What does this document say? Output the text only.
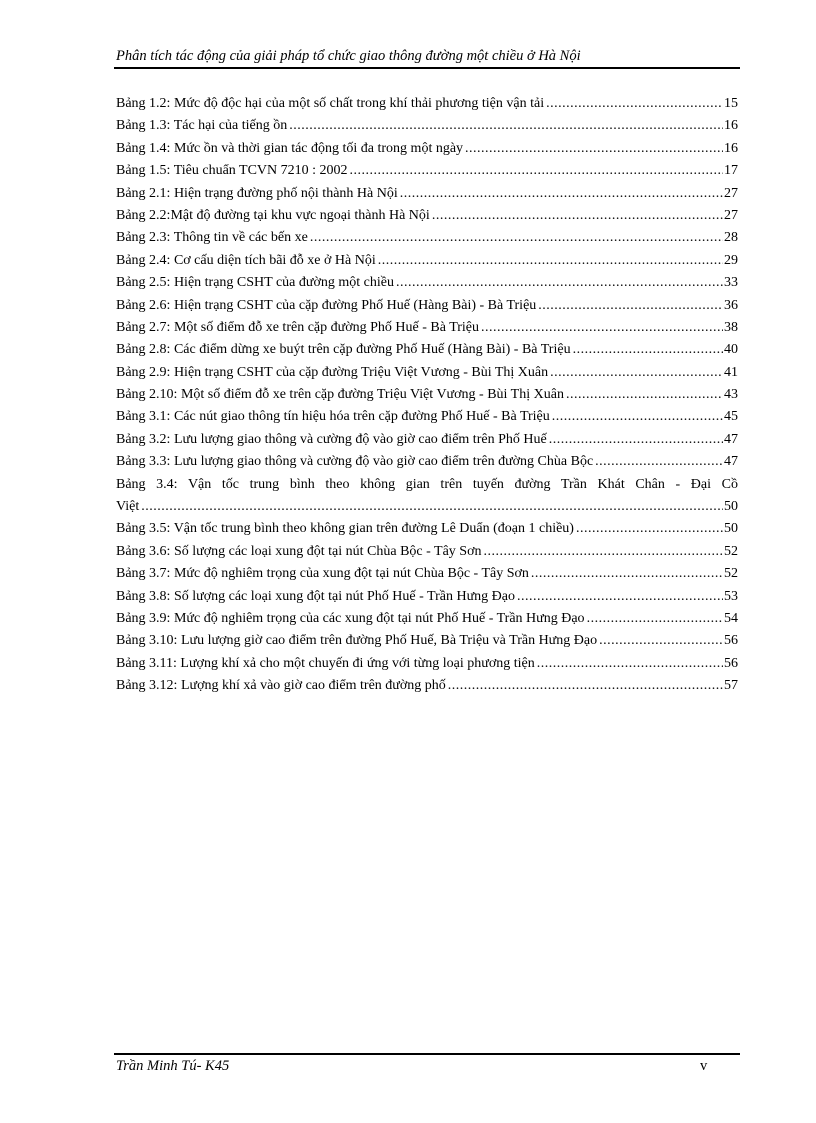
Phân tích tác động của giải pháp tổ chức giao thông đường một chiều ở Hà Nội
Bảng 1.2: Mức độ độc hại của một số chất trong khí thải phương tiện vận tải .....	15
Bảng 1.3: Tác hại của tiếng ồn .....	16
Bảng 1.4: Mức ồn và thời gian tác động tối đa trong một ngày .....	16
Bảng 1.5: Tiêu chuẩn TCVN 7210 : 2002 .....	17
Bảng 2.1: Hiện trạng đường phố nội thành Hà Nội .....	27
Bảng 2.2:Mật độ đường tại khu vực ngoại thành Hà Nội .....	27
Bảng 2.3: Thông tin về các bến xe .....	28
Bảng 2.4: Cơ cấu diện tích bãi đỗ xe ở Hà Nội .....	29
Bảng 2.5: Hiện trạng CSHT của đường một chiều .....	33
Bảng 2.6: Hiện trạng CSHT của cặp đường Phố Huế (Hàng Bài) - Bà Triệu .....	36
Bảng 2.7: Một số điểm đỗ xe trên cặp đường Phố Huế - Bà Triệu .....	38
Bảng 2.8: Các điểm dừng xe buýt trên cặp đường Phố Huế (Hàng Bài) - Bà Triệu .....	40
Bảng 2.9: Hiện trạng CSHT của cặp đường Triệu Việt Vương - Bùi Thị Xuân .....	41
Bảng 2.10: Một số điểm đỗ xe trên cặp đường Triệu Việt Vương - Bùi Thị Xuân .....	43
Bảng 3.1: Các nút giao thông tín hiệu hóa trên cặp đường Phố Huế - Bà Triệu .....	45
Bảng 3.2: Lưu lượng giao thông và cường độ vào giờ cao điểm trên Phố Huế .....	47
Bảng 3.3: Lưu lượng giao thông và cường độ vào giờ cao điểm trên đường Chùa Bộc .....	47
Bảng 3.4: Vận tốc trung bình theo không gian trên tuyến đường Trần Khát Chân - Đại Cồ
Việt .....	50
Bảng 3.5: Vận tốc trung bình theo không gian trên đường Lê Duẩn (đoạn 1 chiều) .....	50
Bảng 3.6: Số lượng các loại xung đột tại nút Chùa Bộc - Tây Sơn .....	52
Bảng 3.7: Mức độ nghiêm trọng của xung đột tại nút Chùa Bộc - Tây Sơn .....	52
Bảng 3.8: Số lượng các loại xung đột tại nút Phố Huế - Trần Hưng Đạo .....	53
Bảng 3.9: Mức độ nghiêm trọng của các xung đột tại nút Phố Huế - Trần Hưng Đạo .....	54
Bảng 3.10: Lưu lượng giờ cao điểm trên đường Phố Huế, Bà Triệu và Trần Hưng Đạo .....	56
Bảng 3.11: Lượng khí xả cho một chuyến đi ứng với từng loại phương tiện .....	56
Bảng 3.12: Lượng khí xả vào giờ cao điểm trên đường phố .....	57
Trần Minh Tú- K45	v
